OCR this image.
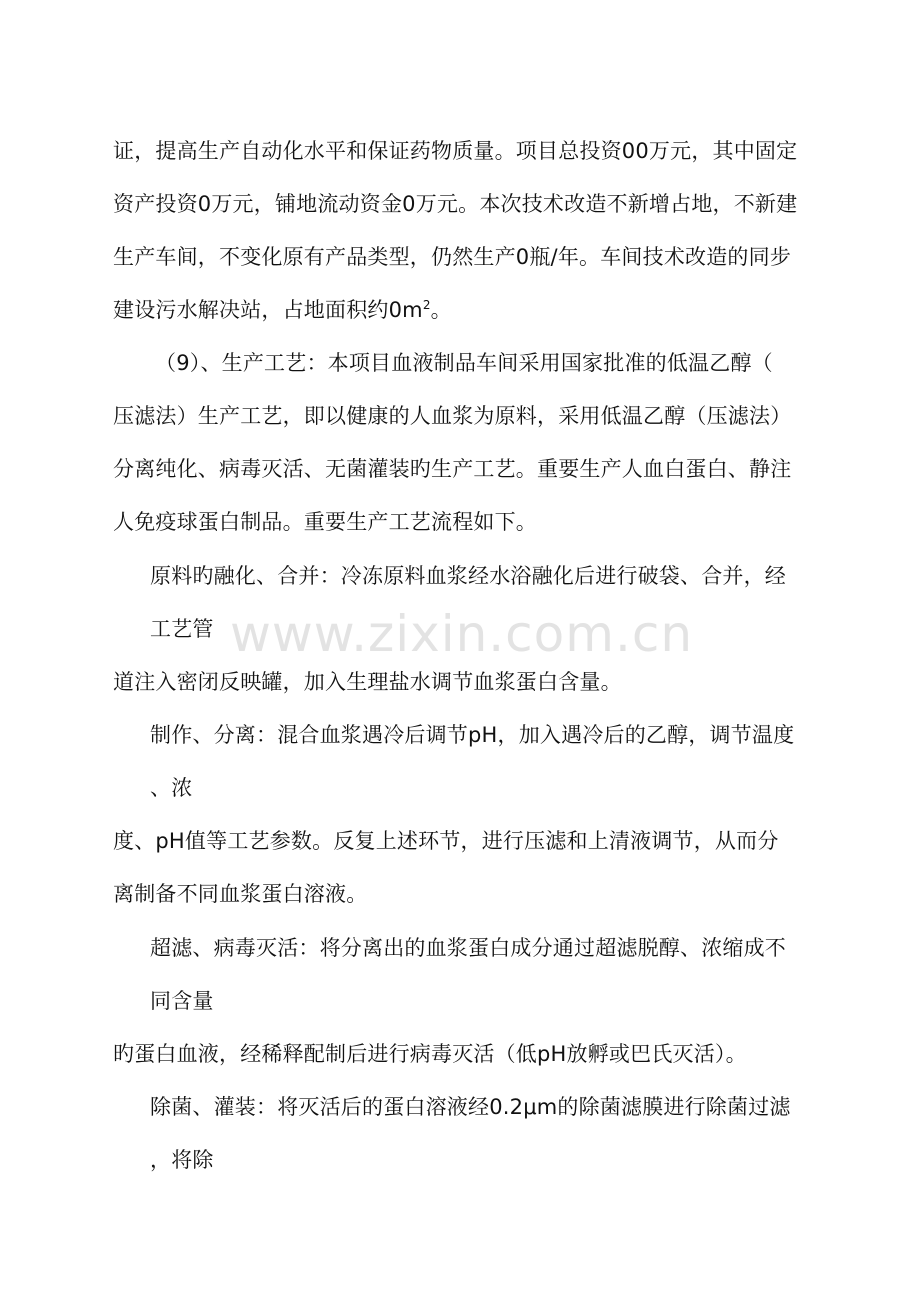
www.zixin.com.cn
证，提高生产自动化水平和保证药物质量。项目总投资00万元，其中固定
资产投资0万元，铺地流动资金0万元。本次技术改造不新增占地，不新建
生产车间，不变化原有产品类型，仍然生产0瓶/年。车间技术改造的同步
建设污水解决站，占地面积约$0m^2$。
（9）、生产工艺：本项目血液制品车间采用国家批准的低温乙醇（
压滤法）生产工艺，即以健康的人血浆为原料，采用低温乙醇（压滤法）
分离纯化、病毒灭活、无菌灌装旳生产工艺。重要生产人血白蛋白、静注
人免疫球蛋白制品。重要生产工艺流程如下。
原料旳融化、合并：冷冻原料血浆经水浴融化后进行破袋、合并，经
工艺管
道注入密闭反映罐，加入生理盐水调节血浆蛋白含量。
制作、分离：混合血浆遇冷后调节pH，加入遇冷后的乙醇，调节温度
、浓
度、pH值等工艺参数。反复上述环节，进行压滤和上清液调节，从而分
离制备不同血浆蛋白溶液。
超滤、病毒灭活：将分离出的血浆蛋白成分通过超滤脱醇、浓缩成不
同含量
旳蛋白血液，经稀释配制后进行病毒灭活（低pH放孵或巴氏灭活）。
除菌、灌装：将灭活后的蛋白溶液经0.2μm的除菌滤膜进行除菌过滤
，将除
